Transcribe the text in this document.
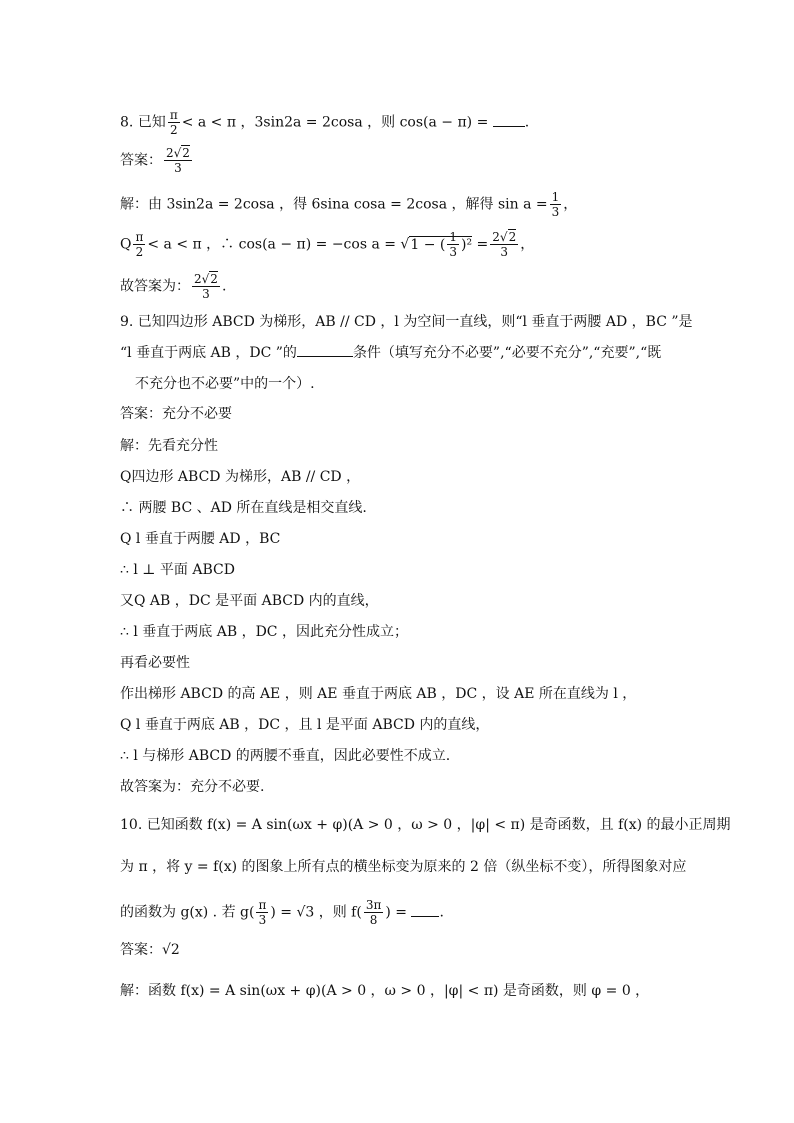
8. 已知 $\frac{\pi}{2} < a < \pi$ ，3sin2a = 2cosa ，则 cos(a − π) =	.
答案： $\frac{2√2}{3}$
解：由 3sin2a = 2cosa ，得 6sina cosa = 2cosa ，解得 $\sin a = \frac{1}{3}$ ，
Q $\frac{\pi}{2} < a < \pi$ ，∴ cos(a − π) = −cos a = √1 − ( $\frac{1}{3} )^2 = \frac{2√2}{3}$ ，
故答案为： $\frac{2√2}{3}$ .
9. 已知四边形 ABCD 为梯形，AB // CD ，l 为空间一直线，则“l 垂直于两腰 AD ，BC ”是
“l 垂直于两底 AB ，DC ”的	条件（填写充分不必要”,“必要不充分”,“充要”,“既
不充分也不必要”中的一个）.
答案：充分不必要
解：先看充分性
Q四边形 ABCD 为梯形，AB // CD ，
∴ 两腰 BC 、AD 所在直线是相交直线.
Q l 垂直于两腰 AD ，BC
∴ l ⊥ 平面 ABCD
又Q AB ，DC 是平面 ABCD 内的直线，
∴ l 垂直于两底 AB ，DC ，因此充分性成立；
再看必要性
作出梯形 ABCD 的高 AE ，则 AE 垂直于两底 AB ，DC ，设 AE 所在直线为 l ，
Q l 垂直于两底 AB ，DC ，且 l 是平面 ABCD 内的直线，
∴ l 与梯形 ABCD 的两腰不垂直，因此必要性不成立.
故答案为：充分不必要.
10. 已知函数 f(x) = A sin(ωx + φ)(A > 0 ，ω > 0 ，|φ| < π) 是奇函数，且 f(x) 的最小正周期
为 π ，将 y = f(x) 的图象上所有点的横坐标变为原来的 2 倍（纵坐标不变），所得图象对应
的函数为 g(x) . 若 $g( \frac{\pi}{3}$ ) = √3 ，则 $f( \frac{3\pi}{8}$ ) = .
答案：√2
解：函数 f(x) = A sin(ωx + φ)(A > 0 ，ω > 0 ，|φ| < π) 是奇函数，则 φ = 0 ，
